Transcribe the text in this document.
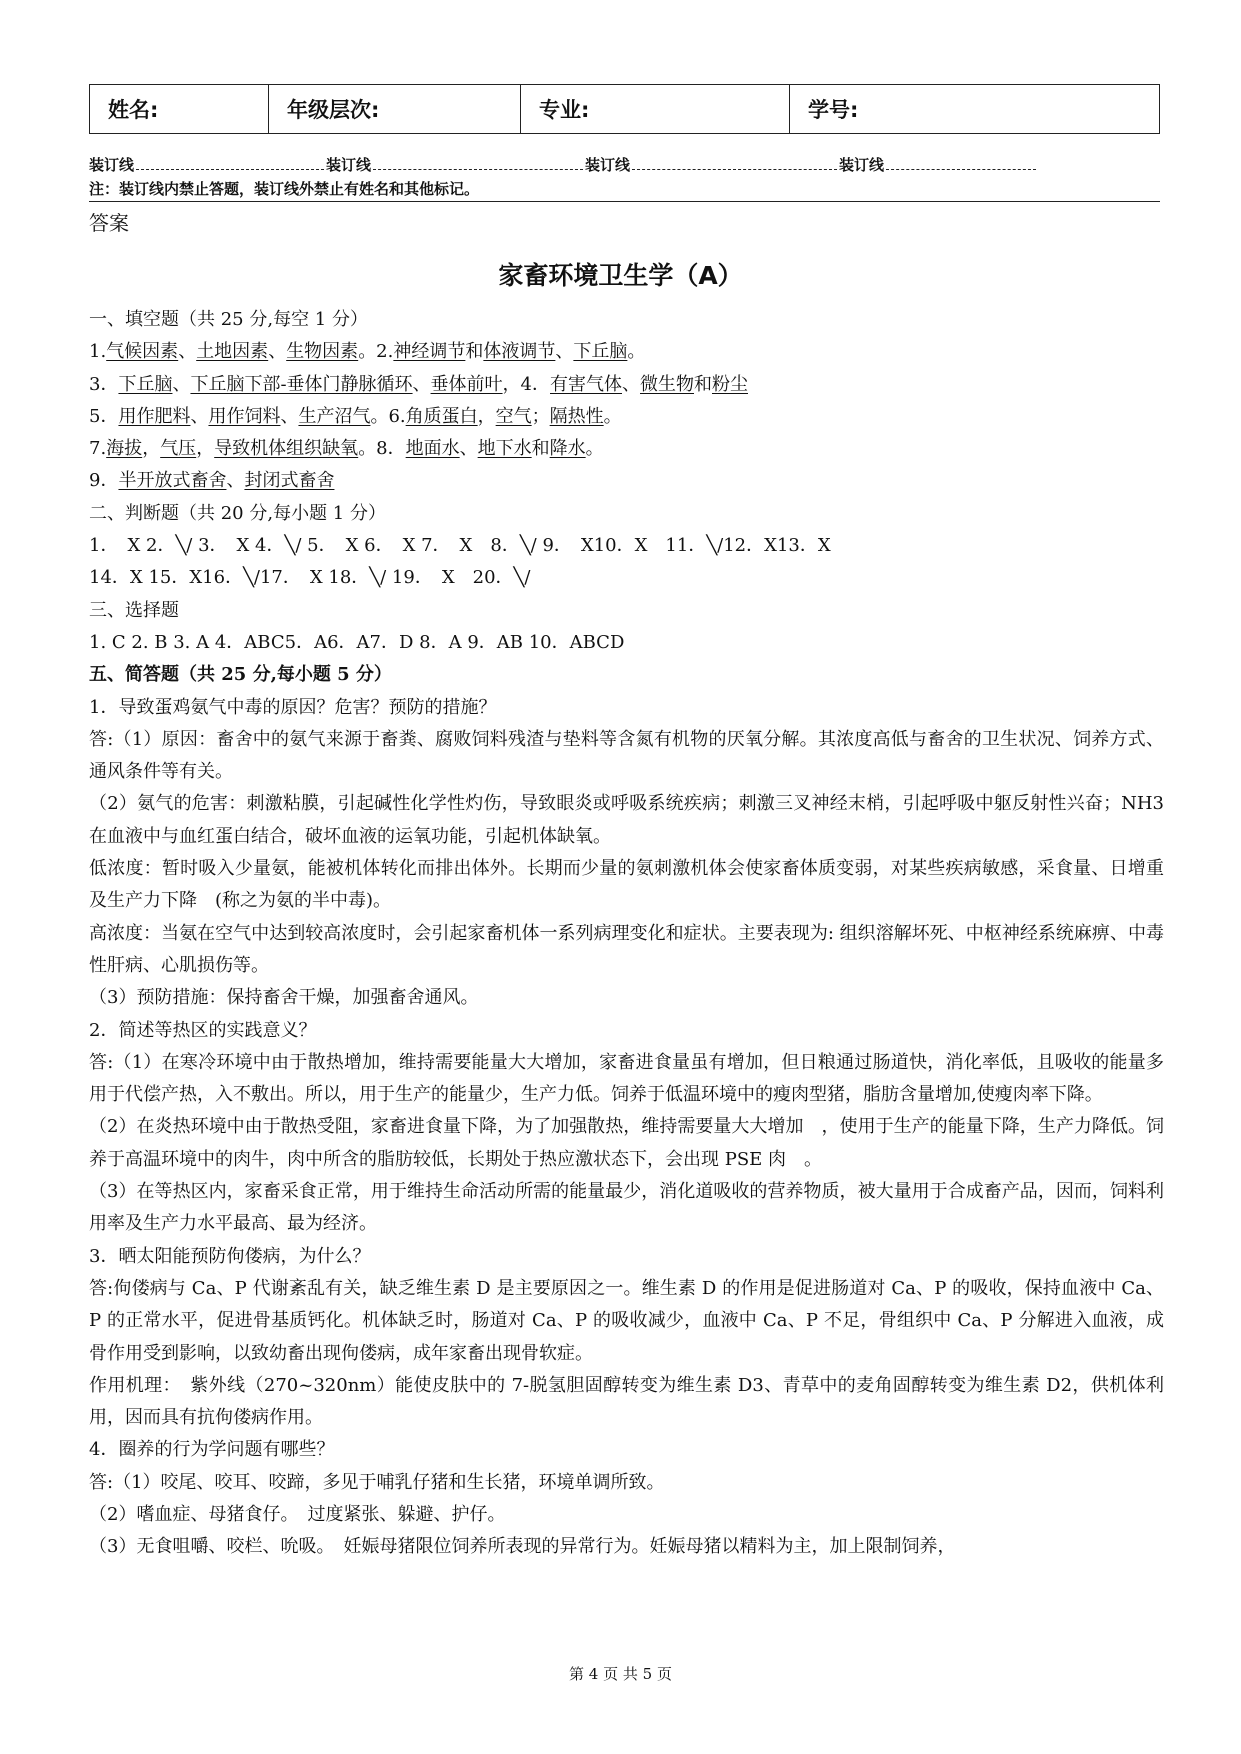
姓名:	年级层次:	专业:	学号:
装订线	装订线	装订线	装订线
注：装订线内禁止答题，装订线外禁止有姓名和其他标记。
答案
家畜环境卫生学（A）

一、填空题（共 25 分,每空 1 分）

1.气候因素、土地因素、生物因素。2.神经调节和体液调节、下丘脑。

3．下丘脑、下丘脑下部-垂体门静脉循环、垂体前叶，4．有害气体、微生物和粉尘

5．用作肥料、用作饲料、生产沼气。6.角质蛋白，空气；隔热性。

7.海拔，气压，导致机体组织缺氧。8．地面水、地下水和降水。

9．半开放式畜舍、封闭式畜舍

二、判断题（共 20 分,每小题 1 分）

1．　X 2．╲/ 3．　X 4．╲/ 5．　X 6．　X 7．　X　8．╲/ 9．　X10．X　11．╲/12．X13．X

14．X 15．X16．╲/17．　X 18．╲/ 19．　X　20．╲/

三、选择题

1. C 2. B 3. A 4．ABC5．A6．A7．D 8．A 9．AB 10．ABCD

五、简答题（共 25 分,每小题 5 分）

1．导致蛋鸡氨气中毒的原因？危害？预防的措施？

答:（1）原因：畜舍中的氨气来源于畜粪、腐败饲料残渣与垫料等含氮有机物的厌氧分解。其浓度高低与畜舍的卫生状况、饲养方式、通风条件等有关。

（2）氨气的危害：刺激粘膜，引起碱性化学性灼伤，导致眼炎或呼吸系统疾病；刺激三叉神经末梢，引起呼吸中躯反射性兴奋；NH3 在血液中与血红蛋白结合，破坏血液的运氧功能，引起机体缺氧。

低浓度：暂时吸入少量氨，能被机体转化而排出体外。长期而少量的氨刺激机体会使家畜体质变弱，对某些疾病敏感，采食量、日增重及生产力下降　(称之为氨的半中毒)。

高浓度：当氨在空气中达到较高浓度时，会引起家畜机体一系列病理变化和症状。主要表现为: 组织溶解坏死、中枢神经系统麻痹、中毒性肝病、心肌损伤等。

（3）预防措施：保持畜舍干燥，加强畜舍通风。

2．简述等热区的实践意义？

答:（1）在寒冷环境中由于散热增加，维持需要能量大大增加，家畜进食量虽有增加，但日粮通过肠道快，消化率低，且吸收的能量多用于代偿产热，入不敷出。所以，用于生产的能量少，生产力低。饲养于低温环境中的瘦肉型猪，脂肪含量增加,使瘦肉率下降。

（2）在炎热环境中由于散热受阻，家畜进食量下降，为了加强散热，维持需要量大大增加　，使用于生产的能量下降，生产力降低。饲养于高温环境中的肉牛，肉中所含的脂肪较低，长期处于热应激状态下，会出现 PSE 肉　。

（3）在等热区内，家畜采食正常，用于维持生命活动所需的能量最少，消化道吸收的营养物质，被大量用于合成畜产品，因而，饲料利用率及生产力水平最高、最为经济。

3．晒太阳能预防佝偻病，为什么？

答:佝偻病与 Ca、P 代谢紊乱有关，缺乏维生素 D 是主要原因之一。维生素 D 的作用是促进肠道对 Ca、P 的吸收，保持血液中 Ca、P 的正常水平，促进骨基质钙化。机体缺乏时，肠道对 Ca、P 的吸收减少，血液中 Ca、P 不足，骨组织中 Ca、P 分解进入血液，成骨作用受到影响，以致幼畜出现佝偻病，成年家畜出现骨软症。

作用机理：　紫外线（270~320nm）能使皮肤中的 7-脱氢胆固醇转变为维生素 D3、青草中的麦角固醇转变为维生素 D2，供机体利用，因而具有抗佝偻病作用。

4．圈养的行为学问题有哪些？

答:（1）咬尾、咬耳、咬蹄，多见于哺乳仔猪和生长猪，环境单调所致。

（2）嗜血症、母猪食仔。　过度紧张、躲避、护仔。

（3）无食咀嚼、咬栏、吮吸。　妊娠母猪限位饲养所表现的异常行为。妊娠母猪以精料为主，加上限制饲养，

第 4 页 共 5 页
